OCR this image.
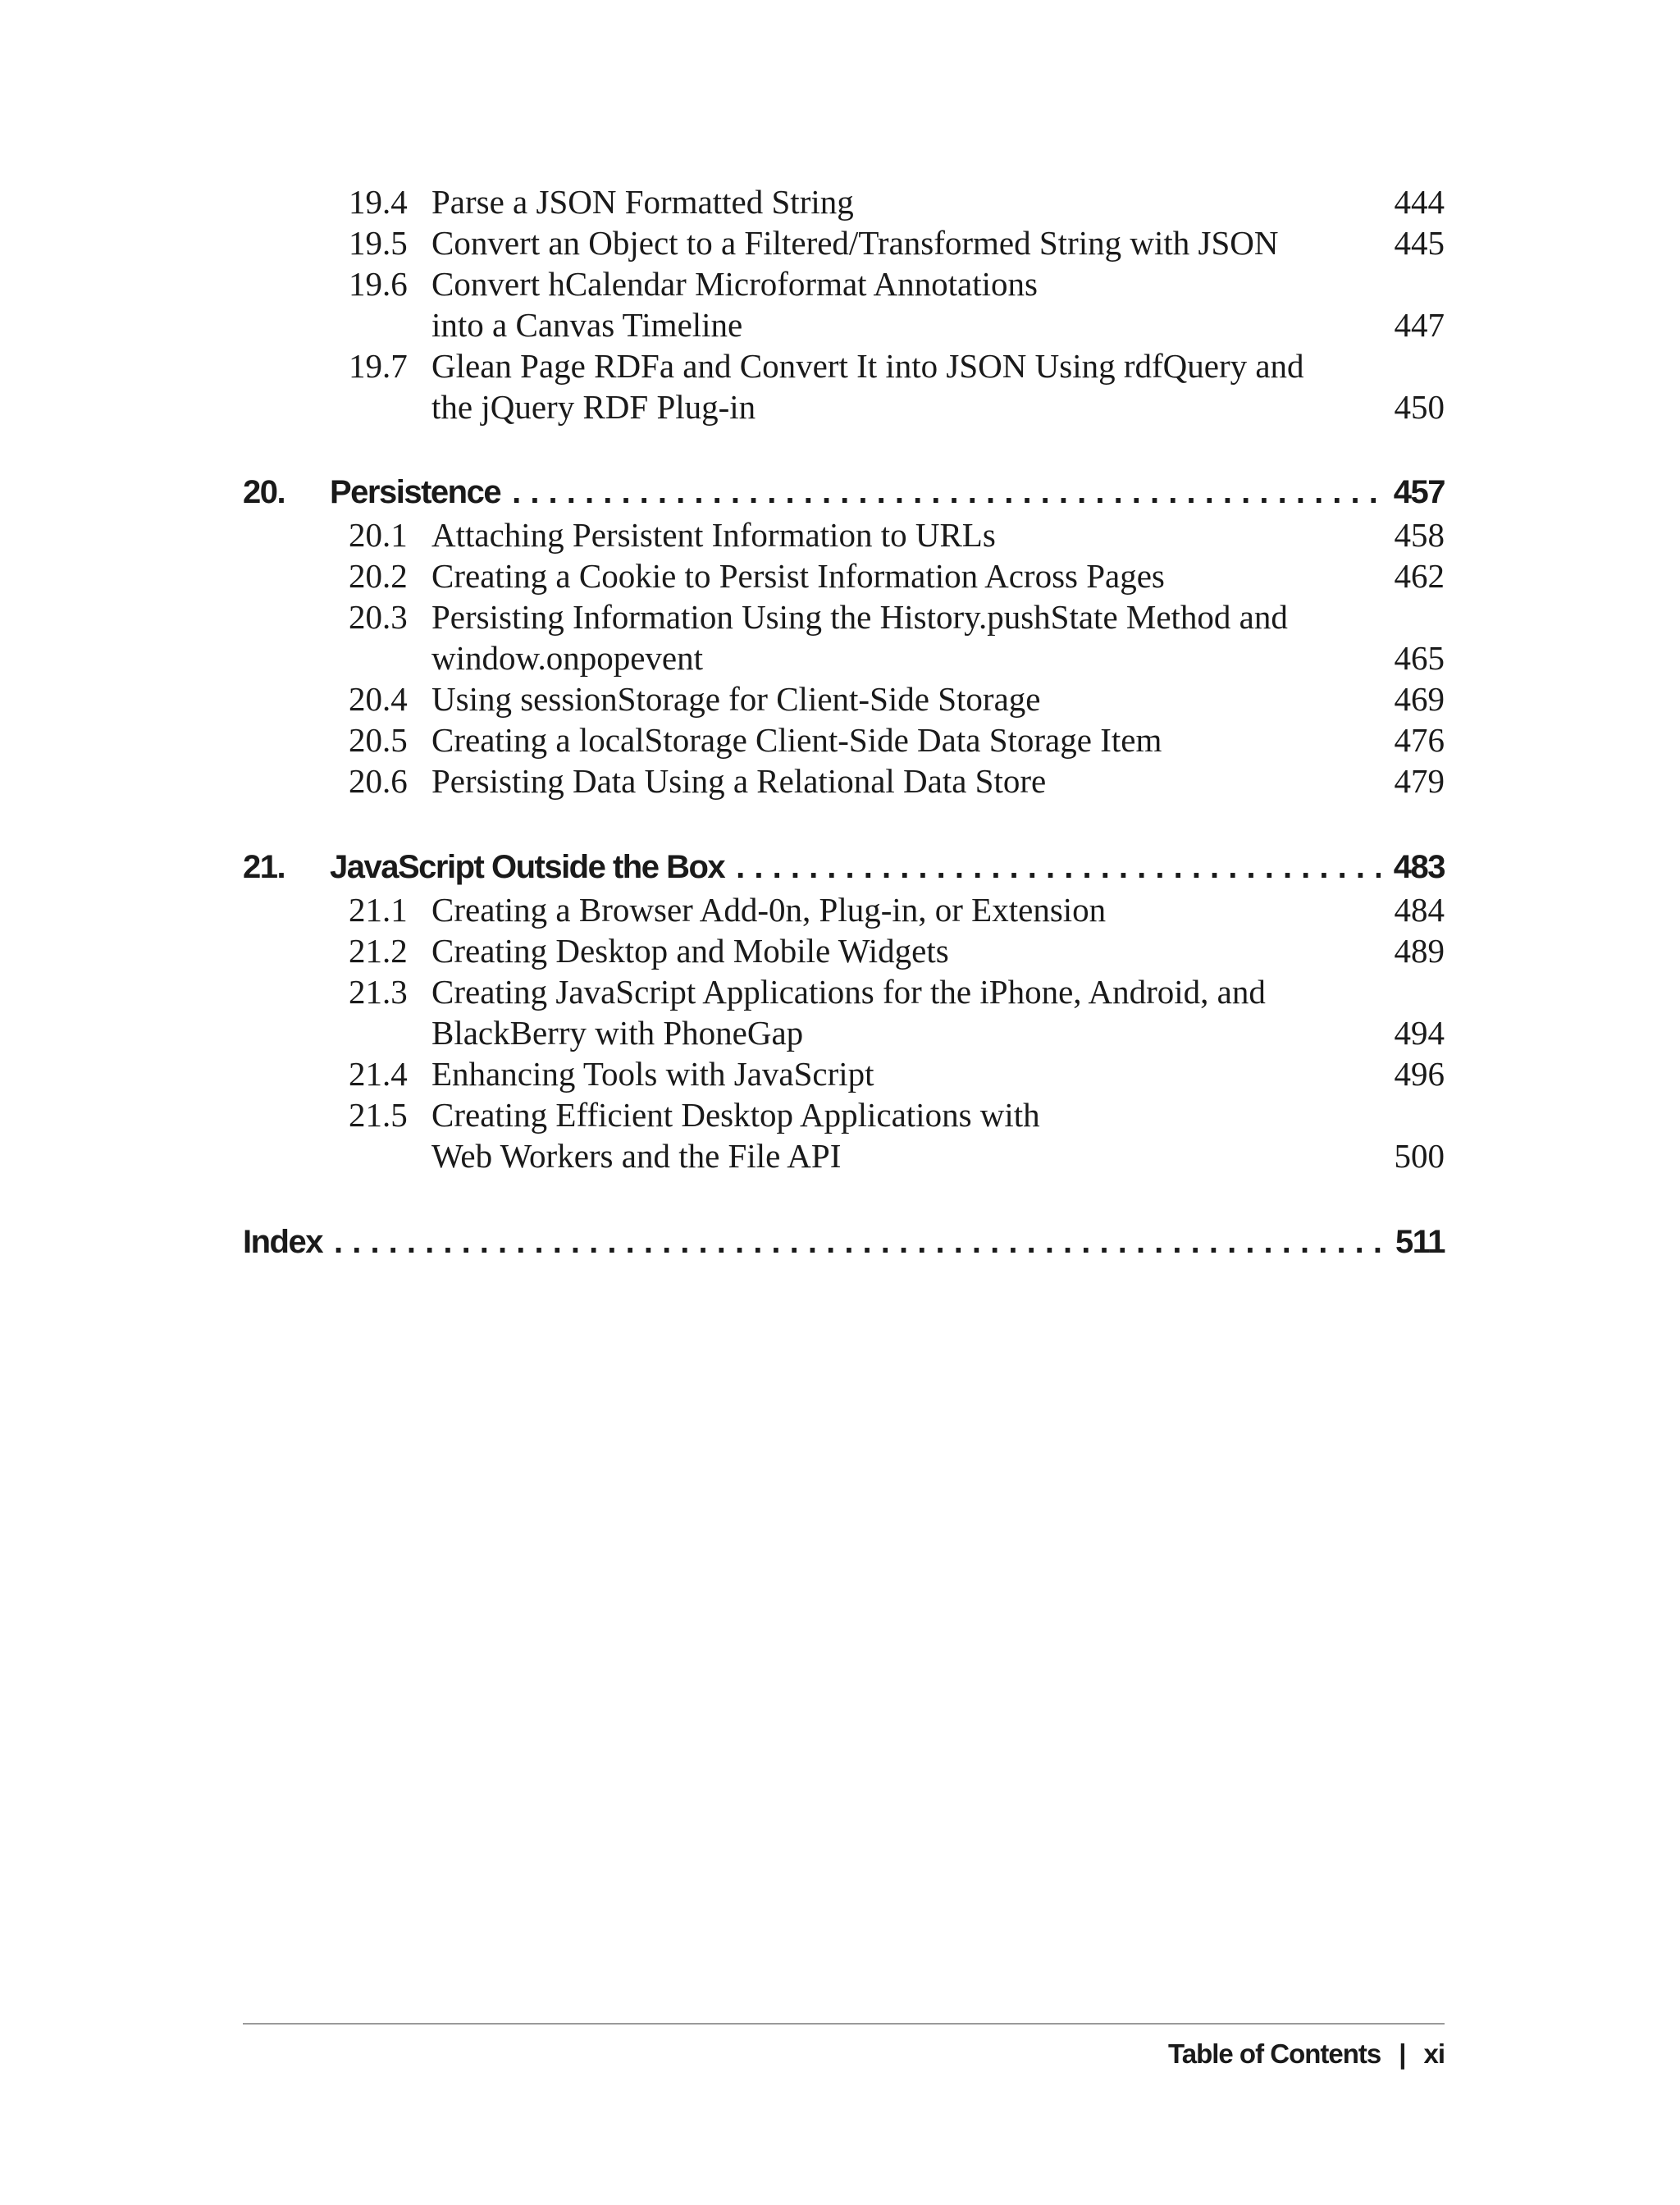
19.4 Parse a JSON Formatted String	444
19.5 Convert an Object to a Filtered/Transformed String with JSON	445
19.6 Convert hCalendar Microformat Annotations
into a Canvas Timeline	447
19.7 Glean Page RDFa and Convert It into JSON Using rdfQuery and
the jQuery RDF Plug-in	450
20.	Persistence . . .	457
20.1 Attaching Persistent Information to URLs	458
20.2 Creating a Cookie to Persist Information Across Pages	462
20.3 Persisting Information Using the History.pushState Method and
window.onpopevent	465
20.4 Using sessionStorage for Client-Side Storage	469
20.5 Creating a localStorage Client-Side Data Storage Item	476
20.6 Persisting Data Using a Relational Data Store	479
21.	JavaScript Outside the Box . . .	483
21.1 Creating a Browser Add-0n, Plug-in, or Extension	484
21.2 Creating Desktop and Mobile Widgets	489
21.3 Creating JavaScript Applications for the iPhone, Android, and
BlackBerry with PhoneGap	494
21.4 Enhancing Tools with JavaScript	496
21.5 Creating Efficient Desktop Applications with
Web Workers and the File API	500
Index . . .	511
Table of Contents | xi
